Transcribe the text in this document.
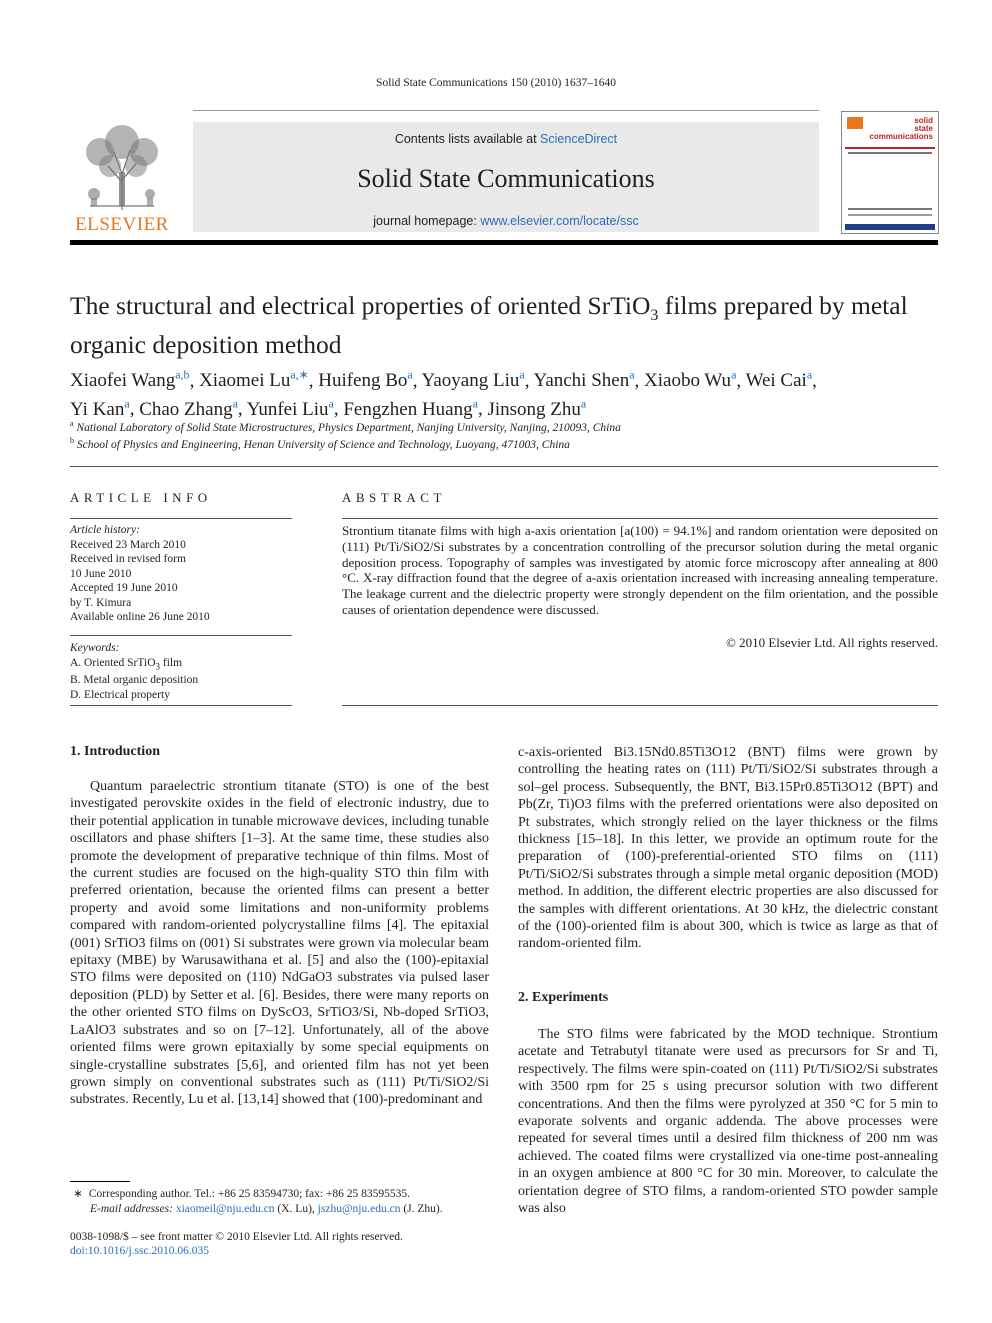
Solid State Communications 150 (2010) 1637–1640
ELSEVIER
Contents lists available at ScienceDirect
Solid State Communications
journal homepage: www.elsevier.com/locate/ssc
solid
state
communications
The structural and electrical properties of oriented SrTiO$_3$ films prepared by metal organic deposition method
Xiaofei Wang$^{a,b}$, Xiaomei $Lu^{a,∗}$, Huifeng Bo$^a$, Yaoyang Liu$^a$, Yanchi Shen$^a$, Xiaobo Wu$^a$, Wei Cai$^a$,
Yi Kan$^a$, Chao Zhang$^a$, Yunfei Liu$^a$, Fengzhen Huang$^a$, Jinsong Zhu$^a$
$^a$ National Laboratory of Solid State Microstructures, Physics Department, Nanjing University, Nanjing, 210093, China
$^b$ School of Physics and Engineering, Henan University of Science and Technology, Luoyang, 471003, China
ARTICLE INFO
Article history:
Received 23 March 2010
Received in revised form
10 June 2010
Accepted 19 June 2010
by T. Kimura
Available online 26 June 2010
Keywords:
A. Oriented SrTiO$_3$ film
B. Metal organic deposition
D. Electrical property
ABSTRACT
Strontium titanate films with high a-axis orientation [a(100) = 94.1%] and random orientation were deposited on (111) Pt/Ti/SiO2/Si substrates by a concentration controlling of the precursor solution during the metal organic deposition process. Topography of samples was investigated by atomic force microscopy after annealing at 800 °C. X-ray diffraction found that the degree of a-axis orientation increased with increasing annealing temperature. The leakage current and the dielectric property were strongly dependent on the film orientation, and the possible causes of orientation dependence were discussed.
© 2010 Elsevier Ltd. All rights reserved.
1. Introduction

Quantum paraelectric strontium titanate (STO) is one of the best investigated perovskite oxides in the field of electronic industry, due to their potential application in tunable microwave devices, including tunable oscillators and phase shifters [1–3]. At the same time, these studies also promote the development of preparative technique of thin films. Most of the current studies are focused on the high-quality STO thin film with preferred orientation, because the oriented films can present a better property and avoid some limitations and non-uniformity problems compared with random-oriented polycrystalline films [4]. The epitaxial (001) SrTiO3 films on (001) Si substrates were grown via molecular beam epitaxy (MBE) by Warusawithana et al. [5] and also the (100)-epitaxial STO films were deposited on (110) NdGaO3 substrates via pulsed laser deposition (PLD) by Setter et al. [6]. Besides, there were many reports on the other oriented STO films on DyScO3, SrTiO3/Si, Nb-doped SrTiO3, LaAlO3 substrates and so on [7–12]. Unfortunately, all of the above oriented films were grown epitaxially by some special equipments on single-crystalline substrates [5,6], and oriented film has not yet been grown simply on conventional substrates such as (111) Pt/Ti/SiO2/Si substrates. Recently, Lu et al. [13,14] showed that (100)-predominant and

c-axis-oriented Bi3.15Nd0.85Ti3O12 (BNT) films were grown by controlling the heating rates on (111) Pt/Ti/SiO2/Si substrates through a sol–gel process. Subsequently, the BNT, Bi3.15Pr0.85Ti3O12 (BPT) and Pb(Zr, Ti)O3 films with the preferred orientations were also deposited on Pt substrates, which strongly relied on the layer thickness or the films thickness [15–18]. In this letter, we provide an optimum route for the preparation of (100)-preferential-oriented STO films on (111) Pt/Ti/SiO2/Si substrates through a simple metal organic deposition (MOD) method. In addition, the different electric properties are also discussed for the samples with different orientations. At 30 kHz, the dielectric constant of the (100)-oriented film is about 300, which is twice as large as that of random-oriented film.

2. Experiments

The STO films were fabricated by the MOD technique. Strontium acetate and Tetrabutyl titanate were used as precursors for Sr and Ti, respectively. The films were spin-coated on (111) Pt/Ti/SiO2/Si substrates with 3500 rpm for 25 s using precursor solution with two different concentrations. And then the films were pyrolyzed at 350 °C for 5 min to evaporate solvents and organic addenda. The above processes were repeated for several times until a desired film thickness of 200 nm was achieved. The coated films were crystallized via one-time post-annealing in an oxygen ambience at 800 °C for 30 min. Moreover, to calculate the orientation degree of STO films, a random-oriented STO powder sample was also

∗ Corresponding author. Tel.: +86 25 83594730; fax: +86 25 83595535.
E-mail addresses: xiaomeil@nju.edu.cn (X. Lu), jszhu@nju.edu.cn (J. Zhu).
0038-1098/$ – see front matter © 2010 Elsevier Ltd. All rights reserved.
doi:10.1016/j.ssc.2010.06.035
